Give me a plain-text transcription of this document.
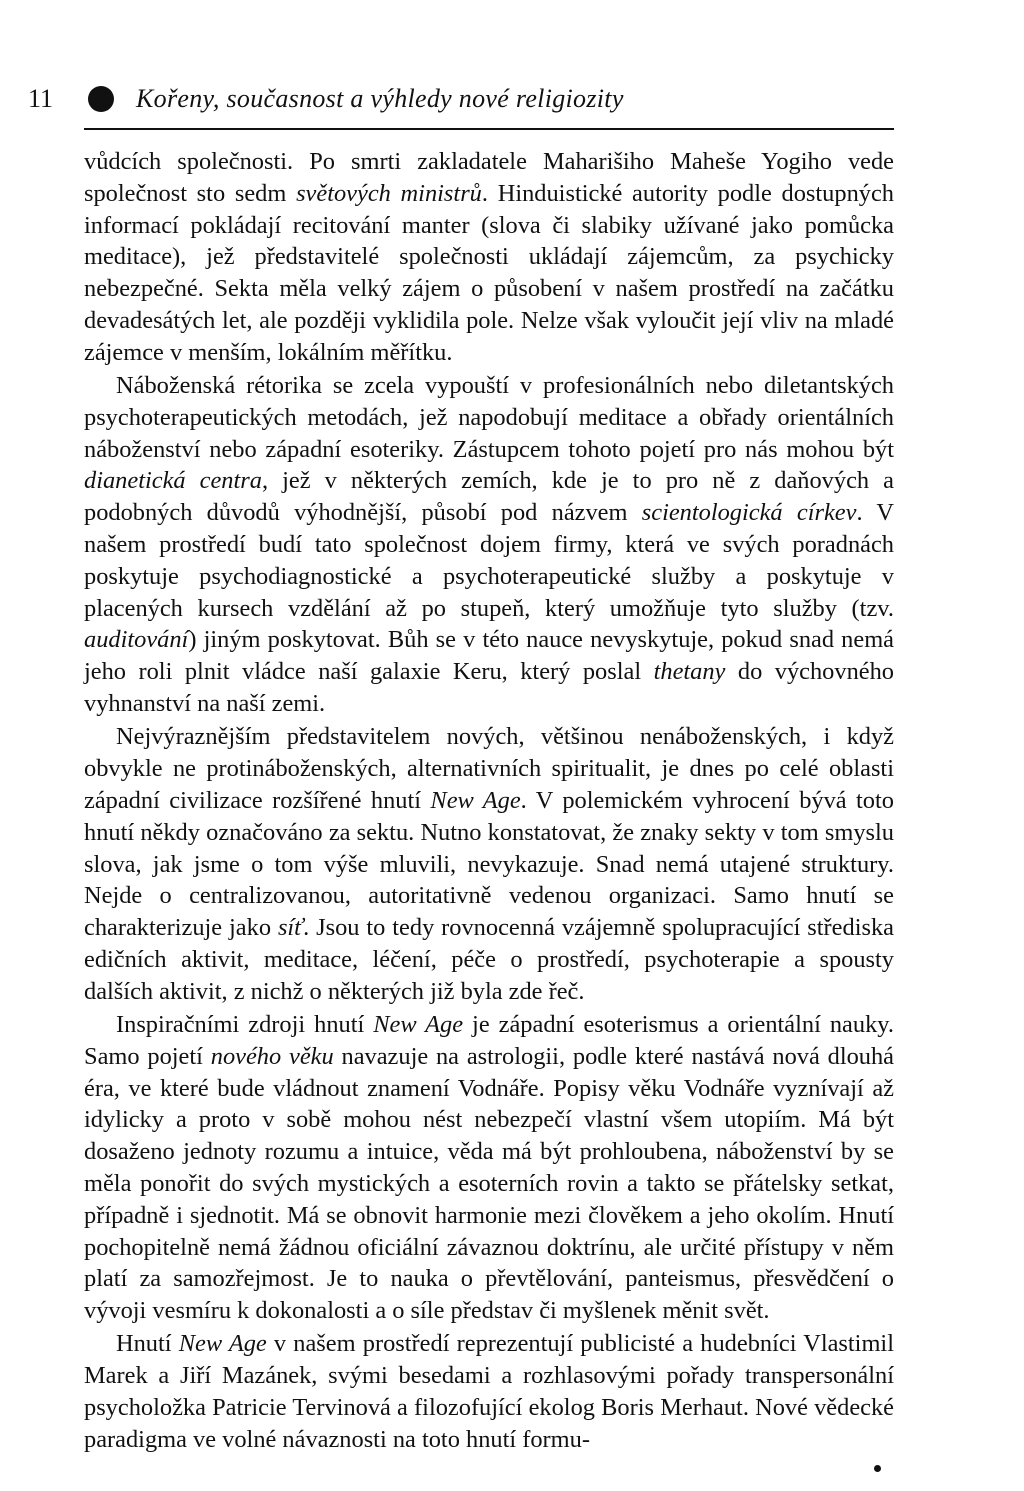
11	Kořeny, současnost a výhledy nové religiozity

vůdcích společnosti. Po smrti zakladatele Maharišiho Maheše Yogiho vede společnost sto sedm světových ministrů. Hinduistické autority podle dostupných informací pokládají recitování manter (slova či slabiky užívané jako pomůcka meditace), jež představitelé společnosti ukládají zájemcům, za psychicky nebezpečné. Sekta měla velký zájem o působení v našem prostředí na začátku devadesátých let, ale později vyklidila pole. Nelze však vyloučit její vliv na mladé zájemce v menším, lokálním měřítku.

Náboženská rétorika se zcela vypouští v profesionálních nebo diletantských psychoterapeutických metodách, jež napodobují meditace a obřady orientálních náboženství nebo západní esoteriky. Zástupcem tohoto pojetí pro nás mohou být dianetická centra, jež v některých zemích, kde je to pro ně z daňových a podobných důvodů výhodnější, působí pod názvem scientologická církev. V našem prostředí budí tato společnost dojem firmy, která ve svých poradnách poskytuje psychodiagnostické a psychoterapeutické služby a poskytuje v placených kursech vzdělání až po stupeň, který umožňuje tyto služby (tzv. auditování) jiným poskytovat. Bůh se v této nauce nevyskytuje, pokud snad nemá jeho roli plnit vládce naší galaxie Keru, který poslal thetany do výchovného vyhnanství na naší zemi.

Nejvýraznějším představitelem nových, většinou nenáboženských, i když obvykle ne protináboženských, alternativních spiritualit, je dnes po celé oblasti západní civilizace rozšířené hnutí New Age. V polemickém vyhrocení bývá toto hnutí někdy označováno za sektu. Nutno konstatovat, že znaky sekty v tom smyslu slova, jak jsme o tom výše mluvili, nevykazuje. Snad nemá utajené struktury. Nejde o centralizovanou, autoritativně vedenou organizaci. Samo hnutí se charakterizuje jako síť. Jsou to tedy rovnocenná vzájemně spolupracující střediska edičních aktivit, meditace, léčení, péče o prostředí, psychoterapie a spousty dalších aktivit, z nichž o některých již byla zde řeč.

Inspiračními zdroji hnutí New Age je západní esoterismus a orientální nauky. Samo pojetí nového věku navazuje na astrologii, podle které nastává nová dlouhá éra, ve které bude vládnout znamení Vodnáře. Popisy věku Vodnáře vyznívají až idylicky a proto v sobě mohou nést nebezpečí vlastní všem utopiím. Má být dosaženo jednoty rozumu a intuice, věda má být prohloubena, náboženství by se měla ponořit do svých mystických a esoterních rovin a takto se přátelsky setkat, případně i sjednotit. Má se obnovit harmonie mezi člověkem a jeho okolím. Hnutí pochopitelně nemá žádnou oficiální závaznou doktrínu, ale určité přístupy v něm platí za samozřejmost. Je to nauka o převtělování, panteismus, přesvědčení o vývoji vesmíru k dokonalosti a o síle představ či myšlenek měnit svět.

Hnutí New Age v našem prostředí reprezentují publicisté a hudebníci Vlastimil Marek a Jiří Mazánek, svými besedami a rozhlasovými pořady transpersonální psycholožka Patricie Tervinová a filozofující ekolog Boris Merhaut. Nové vědecké paradigma ve volné návaznosti na toto hnutí formu-
